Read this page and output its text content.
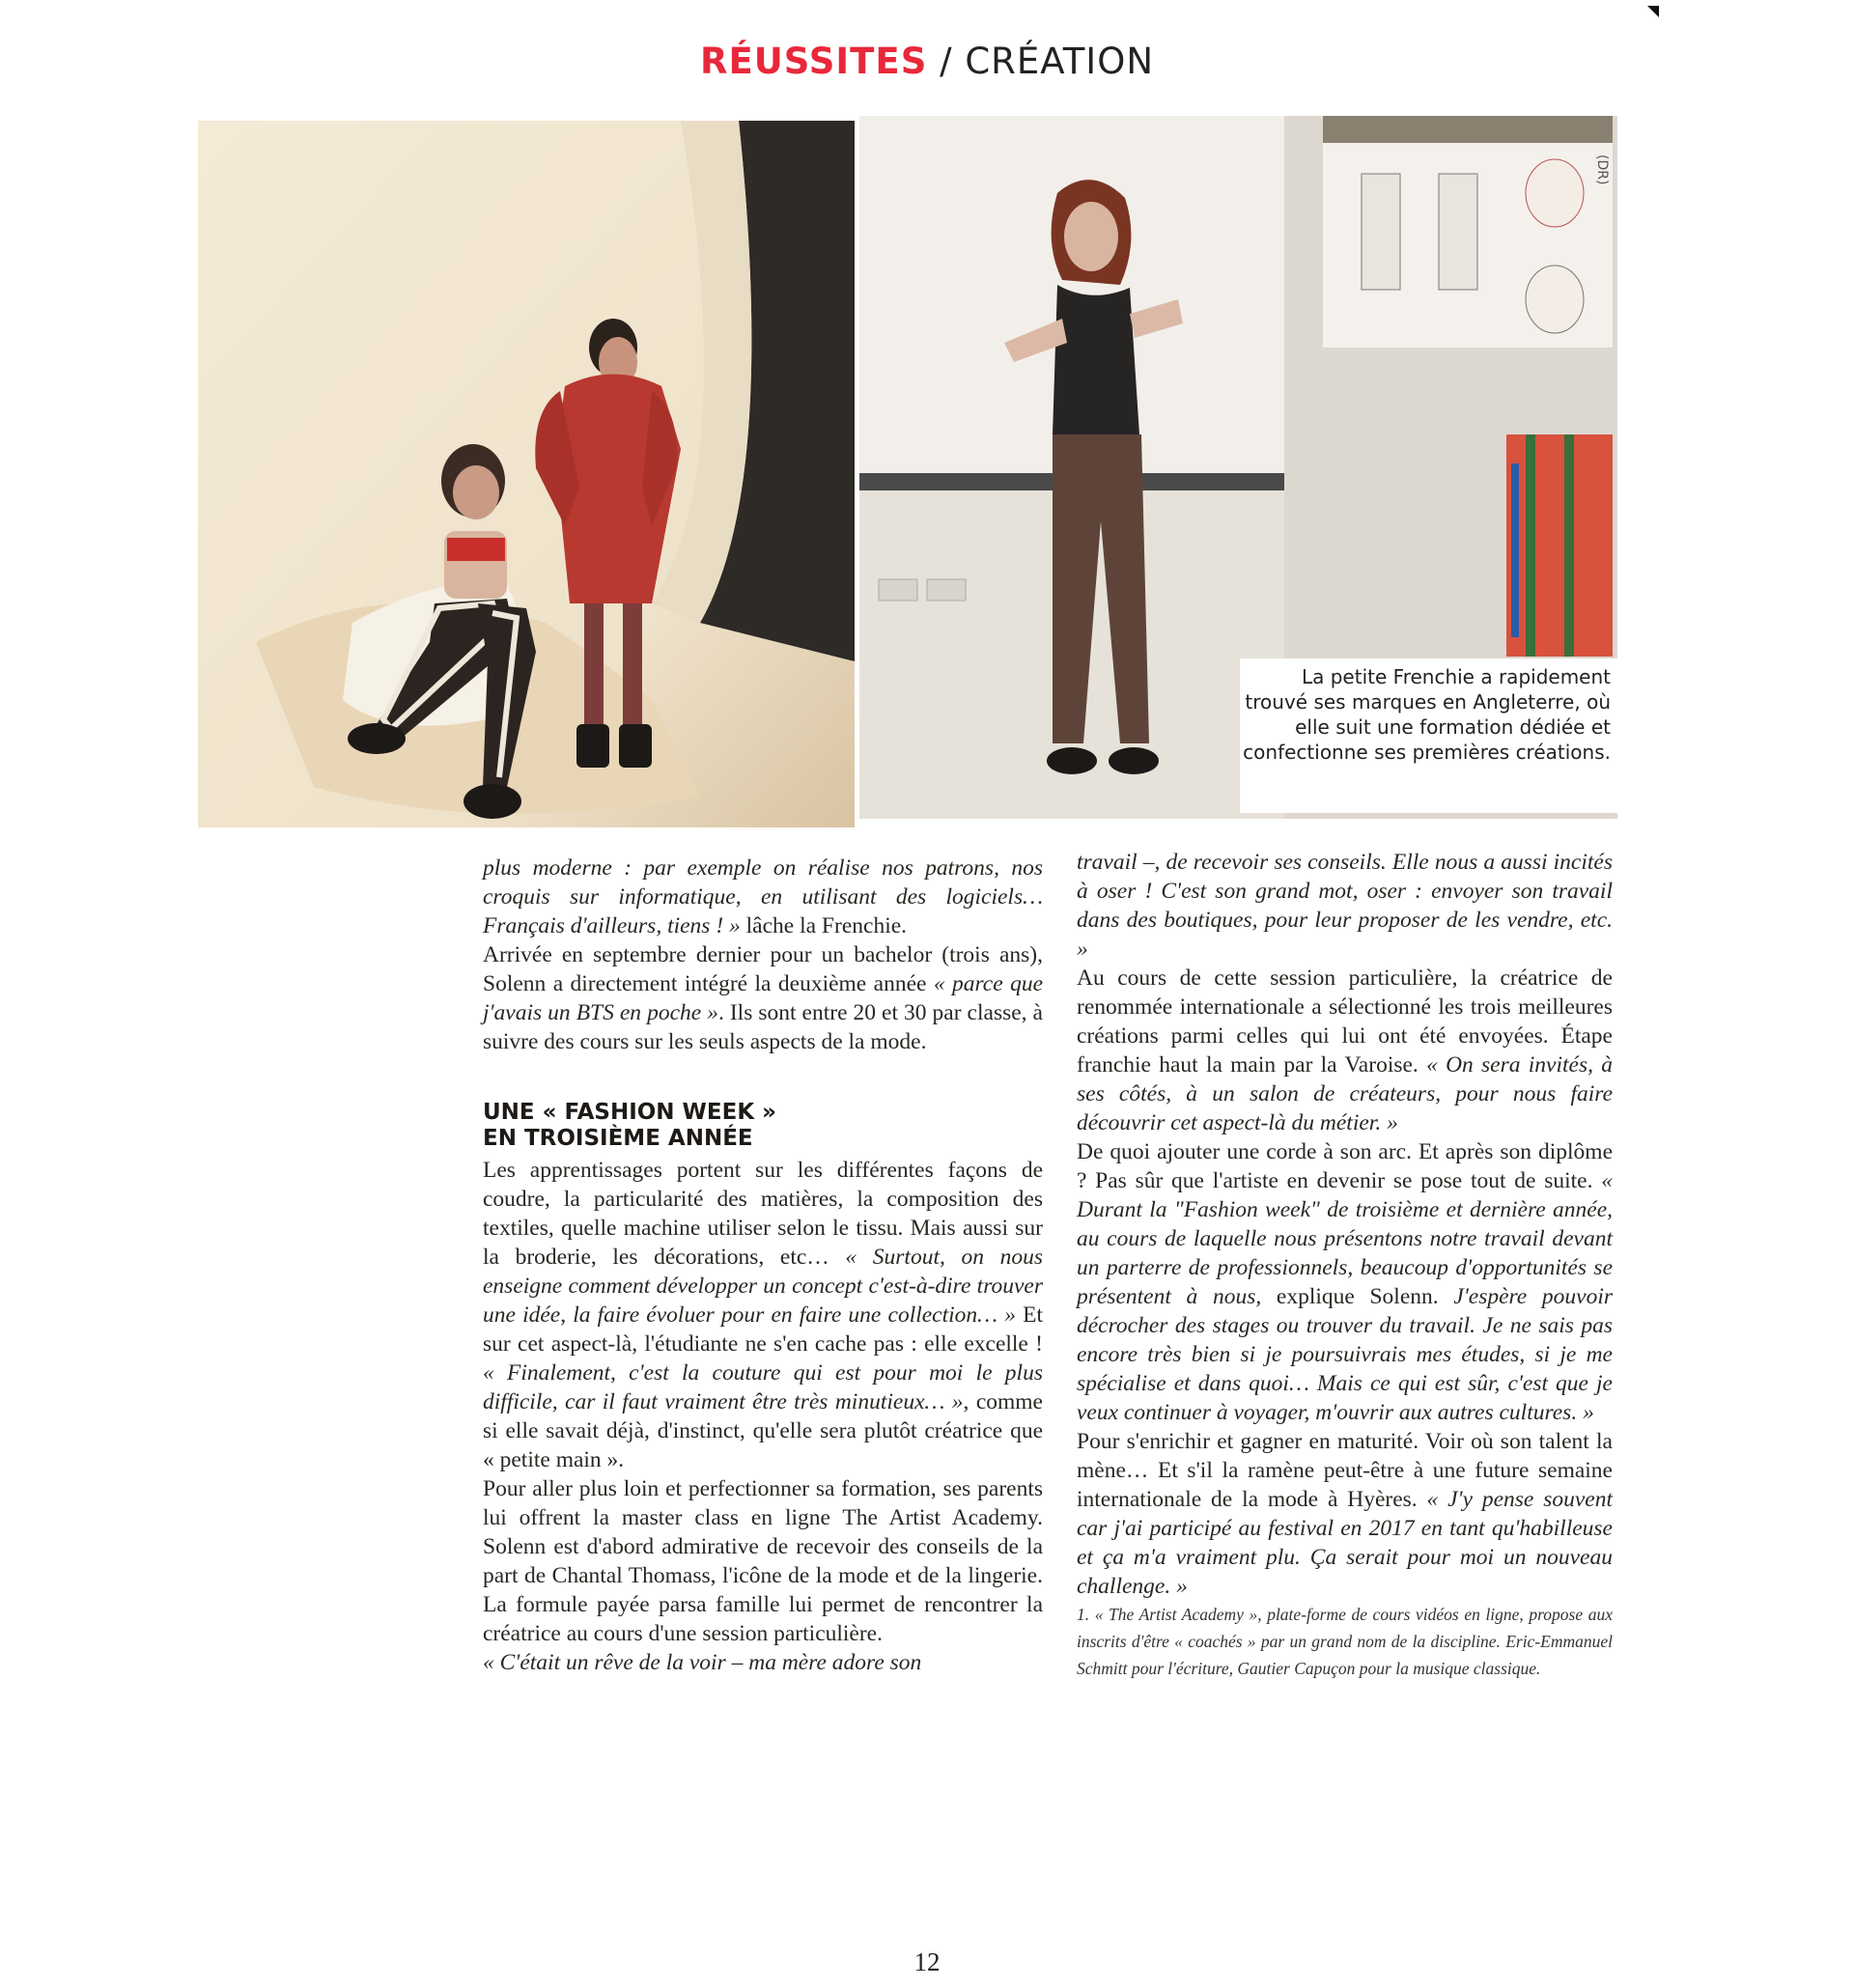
RÉUSSITES / CRÉATION
(DR)
La petite Frenchie a rapidement trouvé ses marques en Angleterre, où elle suit une formation dédiée et confectionne ses premières créations.

plus moderne : par exemple on réalise nos patrons, nos croquis sur informatique, en utilisant des logiciels… Français d'ailleurs, tiens ! » lâche la Frenchie.

Arrivée en septembre dernier pour un bachelor (trois ans), Solenn a directement intégré la deuxième année « parce que j'avais un BTS en poche ». Ils sont entre 20 et 30 par classe, à suivre des cours sur les seuls aspects de la mode.

UNE « FASHION WEEK »
EN TROISIÈME ANNÉE

Les apprentissages portent sur les différentes façons de coudre, la particularité des matières, la composition des textiles, quelle machine utiliser selon le tissu. Mais aussi sur la broderie, les décorations, etc… « Surtout, on nous enseigne comment développer un concept c'est-à-dire trouver une idée, la faire évoluer pour en faire une collection… » Et sur cet aspect-là, l'étudiante ne s'en cache pas : elle excelle ! « Finalement, c'est la couture qui est pour moi le plus difficile, car il faut vraiment être très minutieux… », comme si elle savait déjà, d'instinct, qu'elle sera plutôt créatrice que « petite main ».

Pour aller plus loin et perfectionner sa formation, ses parents lui offrent la master class en ligne The Artist Academy. Solenn est d'abord admirative de recevoir des conseils de la part de Chantal Thomass, l'icône de la mode et de la lingerie. La formule payée parsa famille lui permet de rencontrer la créatrice au cours d'une session particulière.

« C'était un rêve de la voir – ma mère adore son

travail –, de recevoir ses conseils. Elle nous a aussi incités à oser ! C'est son grand mot, oser : envoyer son travail dans des boutiques, pour leur proposer de les vendre, etc. »

Au cours de cette session particulière, la créatrice de renommée internationale a sélectionné les trois meilleures créations parmi celles qui lui ont été envoyées. Étape franchie haut la main par la Varoise. « On sera invités, à ses côtés, à un salon de créateurs, pour nous faire découvrir cet aspect-là du métier. »

De quoi ajouter une corde à son arc. Et après son diplôme ? Pas sûr que l'artiste en devenir se pose tout de suite. « Durant la "Fashion week" de troisième et dernière année, au cours de laquelle nous présentons notre travail devant un parterre de professionnels, beaucoup d'opportunités se présentent à nous, explique Solenn. J'espère pouvoir décrocher des stages ou trouver du travail. Je ne sais pas encore très bien si je poursuivrais mes études, si je me spécialise et dans quoi… Mais ce qui est sûr, c'est que je veux continuer à voyager, m'ouvrir aux autres cultures. »

Pour s'enrichir et gagner en maturité. Voir où son talent la mène… Et s'il la ramène peut-être à une future semaine internationale de la mode à Hyères. « J'y pense souvent car j'ai participé au festival en 2017 en tant qu'habilleuse et ça m'a vraiment plu. Ça serait pour moi un nouveau challenge. »

1. « The Artist Academy », plate-forme de cours vidéos en ligne, propose aux inscrits d'être « coachés » par un grand nom de la discipline. Eric-Emmanuel Schmitt pour l'écriture, Gautier Capuçon pour la musique classique.

12
